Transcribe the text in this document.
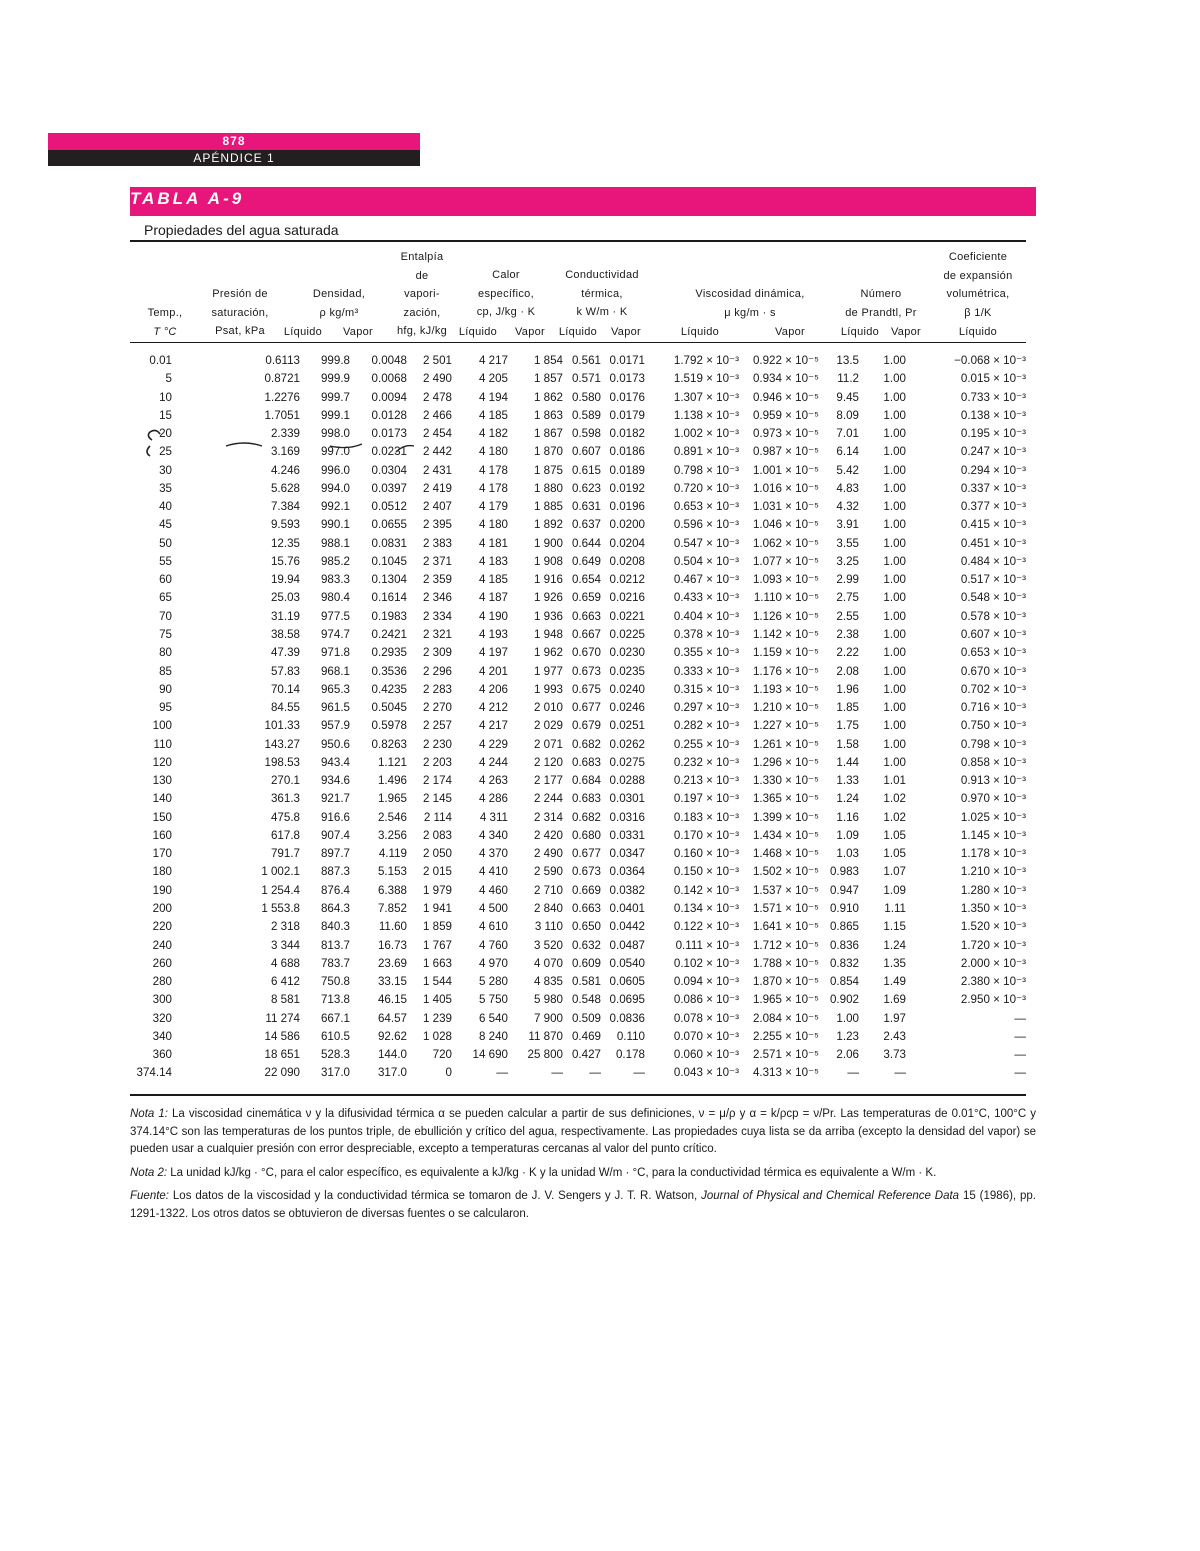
878
APÉNDICE 1
TABLA A-9
Propiedades del agua saturada
Temp.,
T °C
Presión de
saturación,
Psat, kPa
Densidad,
ρ kg/m³
Entalpía
de
vapori-
zación,
hfg, kJ/kg
Calor
específico,
cp, J/kg · K
Conductividad
térmica,
k W/m · K
Viscosidad dinámica,
μ kg/m · s
Número
de Prandtl, Pr
Coeficiente
de expansión
volumétrica,
β 1/K
Líquido	Vapor	Líquido	Vapor	Líquido	Vapor	Líquido	Vapor	Líquido	Vapor	Líquido
0.01	0.6113	999.8	0.0048	2 501	4 217	1 854	0.561	0.0171	1.792 × 10⁻³	0.922 × 10⁻⁵	13.5	1.00	−0.068 × 10⁻³
5	0.8721	999.9	0.0068	2 490	4 205	1 857	0.571	0.0173	1.519 × 10⁻³	0.934 × 10⁻⁵	11.2	1.00	0.015 × 10⁻³
10	1.2276	999.7	0.0094	2 478	4 194	1 862	0.580	0.0176	1.307 × 10⁻³	0.946 × 10⁻⁵	9.45	1.00	0.733 × 10⁻³
15	1.7051	999.1	0.0128	2 466	4 185	1 863	0.589	0.0179	1.138 × 10⁻³	0.959 × 10⁻⁵	8.09	1.00	0.138 × 10⁻³
20	2.339	998.0	0.0173	2 454	4 182	1 867	0.598	0.0182	1.002 × 10⁻³	0.973 × 10⁻⁵	7.01	1.00	0.195 × 10⁻³
25	3.169	997.0	0.0231	2 442	4 180	1 870	0.607	0.0186	0.891 × 10⁻³	0.987 × 10⁻⁵	6.14	1.00	0.247 × 10⁻³
30	4.246	996.0	0.0304	2 431	4 178	1 875	0.615	0.0189	0.798 × 10⁻³	1.001 × 10⁻⁵	5.42	1.00	0.294 × 10⁻³
35	5.628	994.0	0.0397	2 419	4 178	1 880	0.623	0.0192	0.720 × 10⁻³	1.016 × 10⁻⁵	4.83	1.00	0.337 × 10⁻³
40	7.384	992.1	0.0512	2 407	4 179	1 885	0.631	0.0196	0.653 × 10⁻³	1.031 × 10⁻⁵	4.32	1.00	0.377 × 10⁻³
45	9.593	990.1	0.0655	2 395	4 180	1 892	0.637	0.0200	0.596 × 10⁻³	1.046 × 10⁻⁵	3.91	1.00	0.415 × 10⁻³
50	12.35	988.1	0.0831	2 383	4 181	1 900	0.644	0.0204	0.547 × 10⁻³	1.062 × 10⁻⁵	3.55	1.00	0.451 × 10⁻³
55	15.76	985.2	0.1045	2 371	4 183	1 908	0.649	0.0208	0.504 × 10⁻³	1.077 × 10⁻⁵	3.25	1.00	0.484 × 10⁻³
60	19.94	983.3	0.1304	2 359	4 185	1 916	0.654	0.0212	0.467 × 10⁻³	1.093 × 10⁻⁵	2.99	1.00	0.517 × 10⁻³
65	25.03	980.4	0.1614	2 346	4 187	1 926	0.659	0.0216	0.433 × 10⁻³	1.110 × 10⁻⁵	2.75	1.00	0.548 × 10⁻³
70	31.19	977.5	0.1983	2 334	4 190	1 936	0.663	0.0221	0.404 × 10⁻³	1.126 × 10⁻⁵	2.55	1.00	0.578 × 10⁻³
75	38.58	974.7	0.2421	2 321	4 193	1 948	0.667	0.0225	0.378 × 10⁻³	1.142 × 10⁻⁵	2.38	1.00	0.607 × 10⁻³
80	47.39	971.8	0.2935	2 309	4 197	1 962	0.670	0.0230	0.355 × 10⁻³	1.159 × 10⁻⁵	2.22	1.00	0.653 × 10⁻³
85	57.83	968.1	0.3536	2 296	4 201	1 977	0.673	0.0235	0.333 × 10⁻³	1.176 × 10⁻⁵	2.08	1.00	0.670 × 10⁻³
90	70.14	965.3	0.4235	2 283	4 206	1 993	0.675	0.0240	0.315 × 10⁻³	1.193 × 10⁻⁵	1.96	1.00	0.702 × 10⁻³
95	84.55	961.5	0.5045	2 270	4 212	2 010	0.677	0.0246	0.297 × 10⁻³	1.210 × 10⁻⁵	1.85	1.00	0.716 × 10⁻³
100	101.33	957.9	0.5978	2 257	4 217	2 029	0.679	0.0251	0.282 × 10⁻³	1.227 × 10⁻⁵	1.75	1.00	0.750 × 10⁻³
110	143.27	950.6	0.8263	2 230	4 229	2 071	0.682	0.0262	0.255 × 10⁻³	1.261 × 10⁻⁵	1.58	1.00	0.798 × 10⁻³
120	198.53	943.4	1.121	2 203	4 244	2 120	0.683	0.0275	0.232 × 10⁻³	1.296 × 10⁻⁵	1.44	1.00	0.858 × 10⁻³
130	270.1	934.6	1.496	2 174	4 263	2 177	0.684	0.0288	0.213 × 10⁻³	1.330 × 10⁻⁵	1.33	1.01	0.913 × 10⁻³
140	361.3	921.7	1.965	2 145	4 286	2 244	0.683	0.0301	0.197 × 10⁻³	1.365 × 10⁻⁵	1.24	1.02	0.970 × 10⁻³
150	475.8	916.6	2.546	2 114	4 311	2 314	0.682	0.0316	0.183 × 10⁻³	1.399 × 10⁻⁵	1.16	1.02	1.025 × 10⁻³
160	617.8	907.4	3.256	2 083	4 340	2 420	0.680	0.0331	0.170 × 10⁻³	1.434 × 10⁻⁵	1.09	1.05	1.145 × 10⁻³
170	791.7	897.7	4.119	2 050	4 370	2 490	0.677	0.0347	0.160 × 10⁻³	1.468 × 10⁻⁵	1.03	1.05	1.178 × 10⁻³
180	1 002.1	887.3	5.153	2 015	4 410	2 590	0.673	0.0364	0.150 × 10⁻³	1.502 × 10⁻⁵	0.983	1.07	1.210 × 10⁻³
190	1 254.4	876.4	6.388	1 979	4 460	2 710	0.669	0.0382	0.142 × 10⁻³	1.537 × 10⁻⁵	0.947	1.09	1.280 × 10⁻³
200	1 553.8	864.3	7.852	1 941	4 500	2 840	0.663	0.0401	0.134 × 10⁻³	1.571 × 10⁻⁵	0.910	1.11	1.350 × 10⁻³
220	2 318	840.3	11.60	1 859	4 610	3 110	0.650	0.0442	0.122 × 10⁻³	1.641 × 10⁻⁵	0.865	1.15	1.520 × 10⁻³
240	3 344	813.7	16.73	1 767	4 760	3 520	0.632	0.0487	0.111 × 10⁻³	1.712 × 10⁻⁵	0.836	1.24	1.720 × 10⁻³
260	4 688	783.7	23.69	1 663	4 970	4 070	0.609	0.0540	0.102 × 10⁻³	1.788 × 10⁻⁵	0.832	1.35	2.000 × 10⁻³
280	6 412	750.8	33.15	1 544	5 280	4 835	0.581	0.0605	0.094 × 10⁻³	1.870 × 10⁻⁵	0.854	1.49	2.380 × 10⁻³
300	8 581	713.8	46.15	1 405	5 750	5 980	0.548	0.0695	0.086 × 10⁻³	1.965 × 10⁻⁵	0.902	1.69	2.950 × 10⁻³
320	11 274	667.1	64.57	1 239	6 540	7 900	0.509	0.0836	0.078 × 10⁻³	2.084 × 10⁻⁵	1.00	1.97	—
340	14 586	610.5	92.62	1 028	8 240	11 870	0.469	0.110	0.070 × 10⁻³	2.255 × 10⁻⁵	1.23	2.43	—
360	18 651	528.3	144.0	720	14 690	25 800	0.427	0.178	0.060 × 10⁻³	2.571 × 10⁻⁵	2.06	3.73	—
374.14	22 090	317.0	317.0	0	—	—	—	—	0.043 × 10⁻³	4.313 × 10⁻⁵	—	—	—

Nota 1: La viscosidad cinemática ν y la difusividad térmica α se pueden calcular a partir de sus definiciones, ν = μ/ρ y α = k/ρcp = ν/Pr. Las temperaturas de 0.01°C, 100°C y 374.14°C son las temperaturas de los puntos triple, de ebullición y crítico del agua, respectivamente. Las propiedades cuya lista se da arriba (excepto la densidad del vapor) se pueden usar a cualquier presión con error despreciable, excepto a temperaturas cercanas al valor del punto crítico.

Nota 2: La unidad kJ/kg · °C, para el calor específico, es equivalente a kJ/kg · K y la unidad W/m · °C, para la conductividad térmica es equivalente a W/m · K.

Fuente: Los datos de la viscosidad y la conductividad térmica se tomaron de J. V. Sengers y J. T. R. Watson, Journal of Physical and Chemical Reference Data 15 (1986), pp. 1291-1322. Los otros datos se obtuvieron de diversas fuentes o se calcularon.
